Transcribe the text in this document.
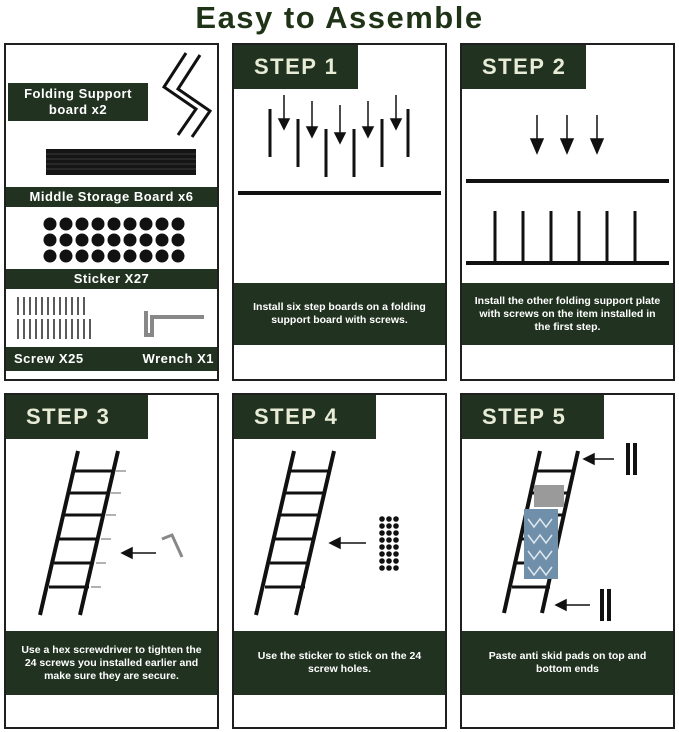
Easy to Assemble
Folding Support board x2
Middle Storage Board x6
Sticker X27
Screw X25	Wrench X1
STEP 1
Install six step boards on a folding support board with screws.
STEP 2
Install the other folding support plate with screws on the item installed in the first step.
STEP 3
Use a hex screwdriver to tighten the 24 screws you installed earlier and make sure they are secure.
STEP 4
Use the sticker to stick on the 24 screw holes.
STEP 5
Paste anti skid pads on top and bottom ends
